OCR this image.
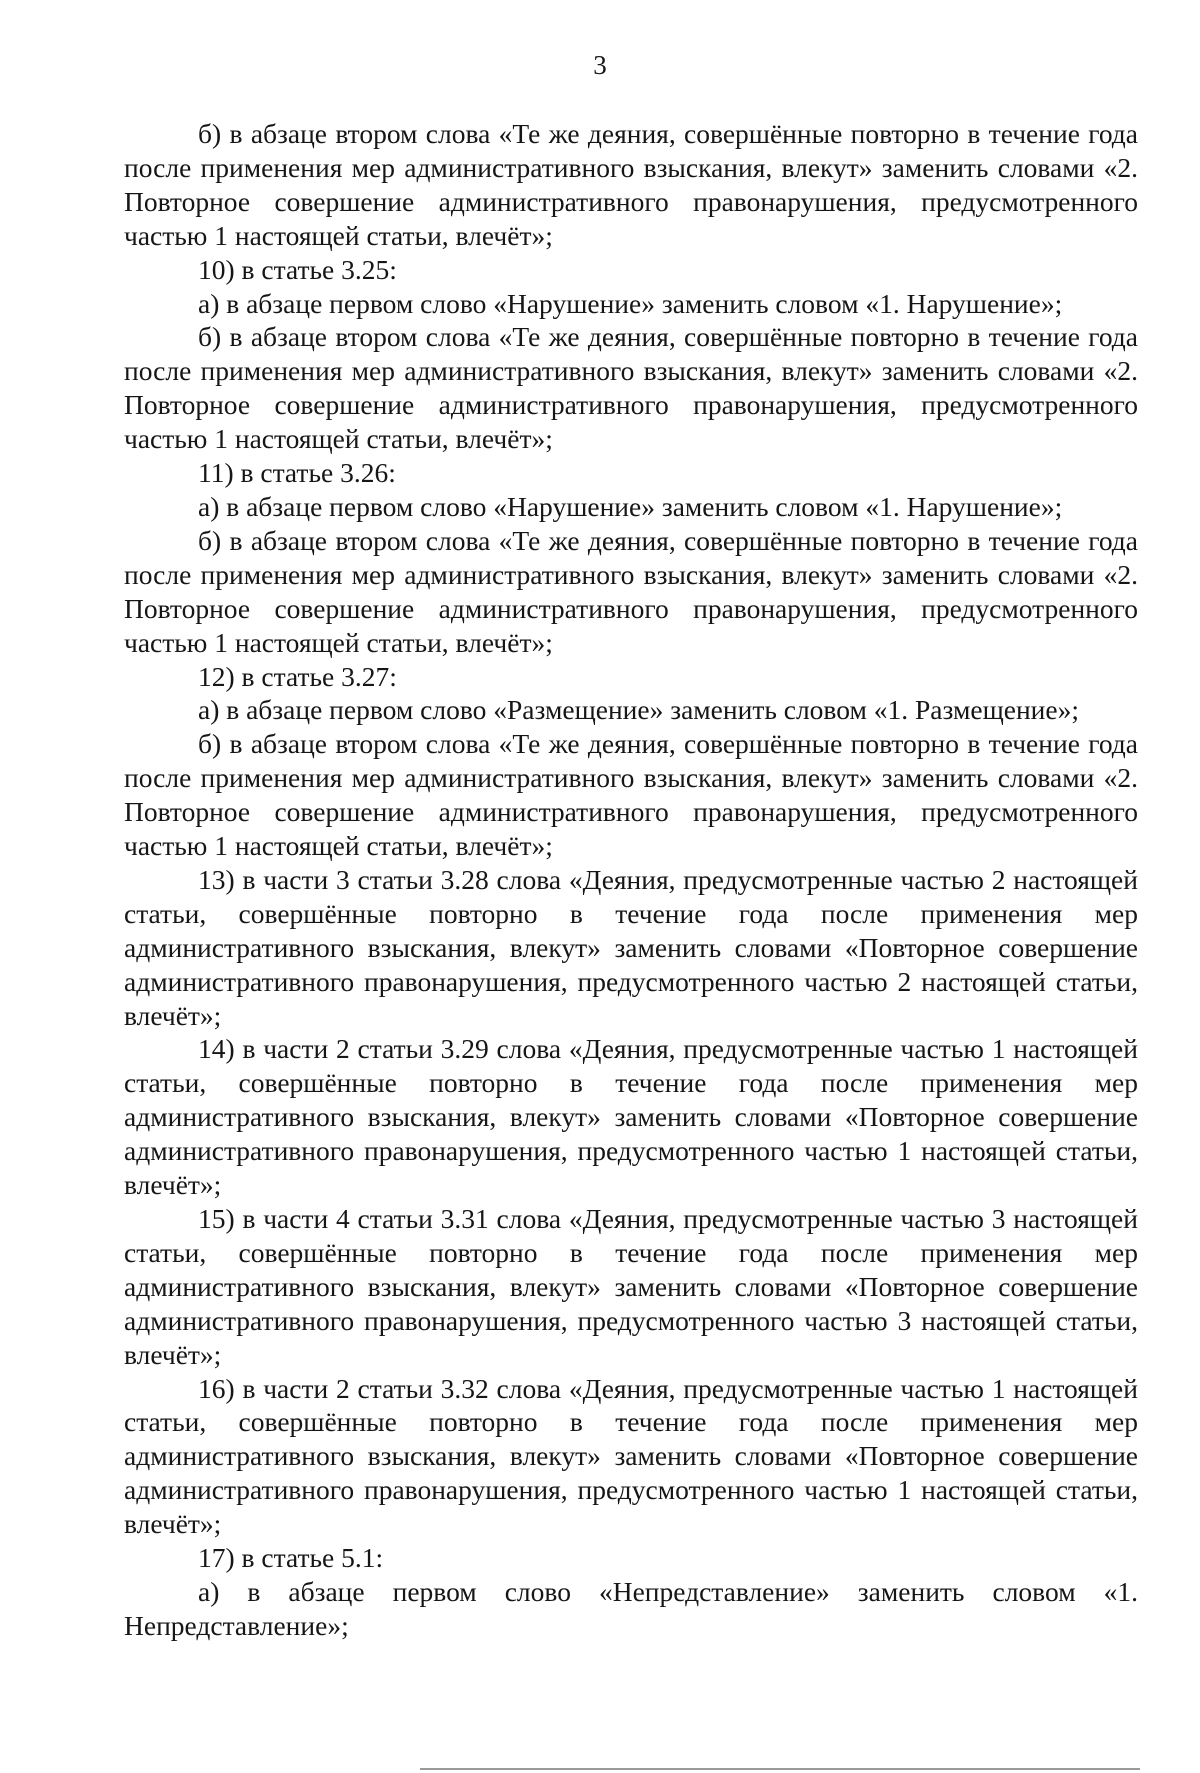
3

б) в абзаце втором слова «Те же деяния, совершённые повторно в течение года после применения мер административного взыскания, влекут» заменить словами «2. Повторное совершение административного правонарушения, предусмотренного частью 1 настоящей статьи, влечёт»;

10) в статье 3.25:

а) в абзаце первом слово «Нарушение» заменить словом «1. Нарушение»;

б) в абзаце втором слова «Те же деяния, совершённые повторно в течение года после применения мер административного взыскания, влекут» заменить словами «2. Повторное совершение административного правонарушения, предусмотренного частью 1 настоящей статьи, влечёт»;

11) в статье 3.26:

а) в абзаце первом слово «Нарушение» заменить словом «1. Нарушение»;

б) в абзаце втором слова «Те же деяния, совершённые повторно в течение года после применения мер административного взыскания, влекут» заменить словами «2. Повторное совершение административного правонарушения, предусмотренного частью 1 настоящей статьи, влечёт»;

12) в статье 3.27:

а) в абзаце первом слово «Размещение» заменить словом «1. Размещение»;

б) в абзаце втором слова «Те же деяния, совершённые повторно в течение года после применения мер административного взыскания, влекут» заменить словами «2. Повторное совершение административного правонарушения, предусмотренного частью 1 настоящей статьи, влечёт»;

13) в части 3 статьи 3.28 слова «Деяния, предусмотренные частью 2 настоящей статьи, совершённые повторно в течение года после применения мер административного взыскания, влекут» заменить словами «Повторное совершение административного правонарушения, предусмотренного частью 2 настоящей статьи, влечёт»;

14) в части 2 статьи 3.29 слова «Деяния, предусмотренные частью 1 настоящей статьи, совершённые повторно в течение года после применения мер административного взыскания, влекут» заменить словами «Повторное совершение административного правонарушения, предусмотренного частью 1 настоящей статьи, влечёт»;

15) в части 4 статьи 3.31 слова «Деяния, предусмотренные частью 3 настоящей статьи, совершённые повторно в течение года после применения мер административного взыскания, влекут» заменить словами «Повторное совершение административного правонарушения, предусмотренного частью 3 настоящей статьи, влечёт»;

16) в части 2 статьи 3.32 слова «Деяния, предусмотренные частью 1 настоящей статьи, совершённые повторно в течение года после применения мер административного взыскания, влекут» заменить словами «Повторное совершение административного правонарушения, предусмотренного частью 1 настоящей статьи, влечёт»;

17) в статье 5.1:

а) в абзаце первом слово «Непредставление» заменить словом «1. Непредставление»;
